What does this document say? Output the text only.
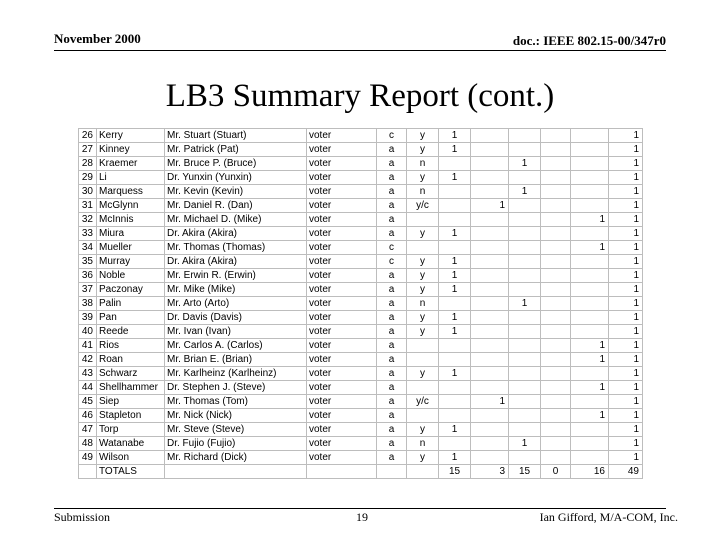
November 2000	doc.: IEEE 802.15-00/347r0
LB3 Summary Report (cont.)
26	Kerry	Mr. Stuart (Stuart)	voter	c	y	1					1
27	Kinney	Mr. Patrick (Pat)	voter	a	y	1					1
28	Kraemer	Mr. Bruce P. (Bruce)	voter	a	n			1			1
29	Li	Dr. Yunxin (Yunxin)	voter	a	y	1					1
30	Marquess	Mr. Kevin (Kevin)	voter	a	n			1			1
31	McGlynn	Mr. Daniel R. (Dan)	voter	a	y/c		1				1
32	McInnis	Mr. Michael D. (Mike)	voter	a						1	1
33	Miura	Dr. Akira (Akira)	voter	a	y	1					1
34	Mueller	Mr. Thomas (Thomas)	voter	c						1	1
35	Murray	Dr. Akira (Akira)	voter	c	y	1					1
36	Noble	Mr. Erwin R. (Erwin)	voter	a	y	1					1
37	Paczonay	Mr. Mike (Mike)	voter	a	y	1					1
38	Palin	Mr. Arto (Arto)	voter	a	n			1			1
39	Pan	Dr. Davis (Davis)	voter	a	y	1					1
40	Reede	Mr. Ivan (Ivan)	voter	a	y	1					1
41	Rios	Mr. Carlos A. (Carlos)	voter	a						1	1
42	Roan	Mr. Brian E. (Brian)	voter	a						1	1
43	Schwarz	Mr. Karlheinz (Karlheinz)	voter	a	y	1					1
44	Shellhammer	Dr. Stephen J. (Steve)	voter	a						1	1
45	Siep	Mr. Thomas (Tom)	voter	a	y/c		1				1
46	Stapleton	Mr. Nick (Nick)	voter	a						1	1
47	Torp	Mr. Steve (Steve)	voter	a	y	1					1
48	Watanabe	Dr. Fujio (Fujio)	voter	a	n			1			1
49	Wilson	Mr. Richard (Dick)	voter	a	y	1					1
	TOTALS					15	3	15	0	16	49
Submission	19	Ian Gifford, M/A-COM, Inc.
